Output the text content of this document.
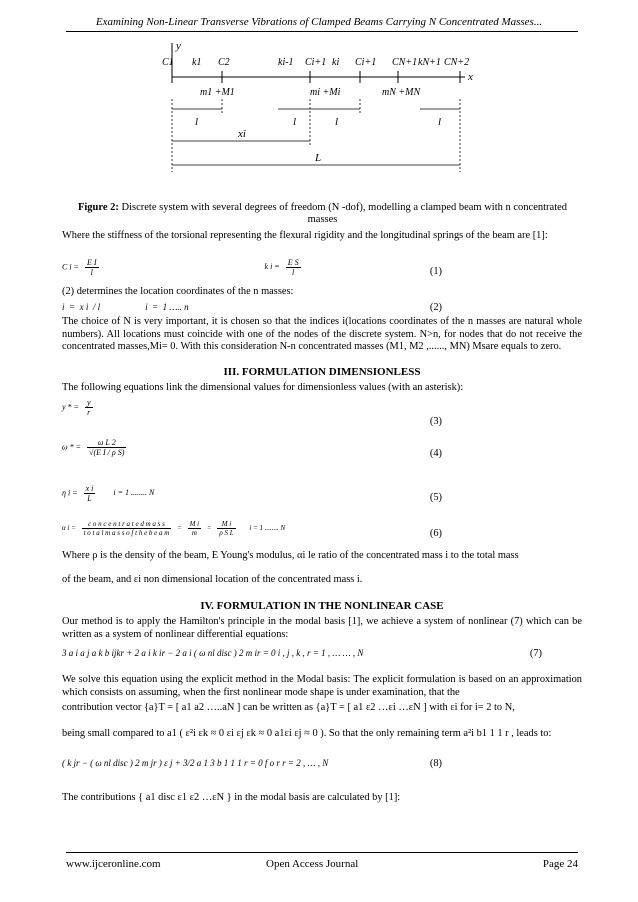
Examining Non-Linear Transverse Vibrations of Clamped Beams Carrying N Concentrated Masses...
y
x
C1 k1 C2	ki-1 Ci+1 ki Ci+1 CN+1 kN+1 CN+2
m1 +M1	mi +Mi	mN +MN
l	l	l	l
xi
L
Figure 2: Discrete system with several degrees of freedom (N -dof), modelling a clamped beam with n concentrated masses
Where the stiffness of the torsional representing the flexural rigidity and the longitudinal springs of the beam are [1]:
C $i = \frac{\text{E I}}{l}$	k $i = \frac{\text{E S}}{l}$	(1)
(2) determines the location coordinates of the n masses:
i  =  x i  / l                    i  =  1 ….. n	(2)
The choice of N is very important, it is chosen so that the indices i(locations coordinates of the n masses are natural whole numbers). All locations must coincide with one of the nodes of the discrete system. N>n, for nodes that do not receive the concentrated masses,Mi= 0. With this consideration N-n concentrated masses (M1, M2 ,......, MN) Msare equals to zero.
III. FORMULATION DIMENSIONLESS
The following equations link the dimensional values for dimensionless values (with an asterisk):
y * = $\frac{y}{r}$
(3)
ω * = $\frac{\text{ω L 2}}{\text{√(E I / ρ S)}}$	(4)
η $i = \frac{\text{x i}}{L}$ i = 1 ........ N	(5)
α $i = \frac{\text{c o n c e n t r a t e d m a s s}}{\text{t o t a l m a s s o f t h e b e a m}} = \frac{\text{M i}}{m} = \frac{\text{M i}}{\text{ρ S L}}$ i = 1 ........ N	(6)
Where ρ is the density of the beam, E Young's modulus, αi le ratio of the concentrated mass i to the total mass
of the beam, and εi non dimensional location of the concentrated mass i.
IV. FORMULATION IN THE NONLINEAR CASE
Our method is to apply the Hamilton's principle in the modal basis [1], we achieve a system of nonlinear (7) which can be written as a system of nonlinear differential equations:
3 a i a j a k b ijkr + 2 a i k ir − 2 a i ( ω nl disc ) 2 m ir = 0 i , j , k , r = 1 , … … , N	(7)
We solve this equation using the explicit method in the Modal basis: The explicit formulation is based on an approximation which consists on assuming, when the first nonlinear mode shape is under examination, that the
contribution vector {a}T = [ a1 a2 …..aN ] can be written as {a}T = [ a1 ε2 …εi …εN ] with εi for i= 2 to N,
being small compared to a1 ( ε²i εk ≈ 0 εi εj εk ≈ 0 a1εi εj ≈ 0 ). So that the only remaining term a²i b1 1 1 r , leads to:
( k jr − ( ω nl disc ) 2 m jr ) ε j + 3/2 a 1 3 b 1 1 1 r = 0 f o r r = 2 , … , N	(8)
The contributions { a1 disc ε1 ε2 …εN } in the modal basis are calculated by [1]:
www.ijceronline.com	Open Access Journal	Page 24
